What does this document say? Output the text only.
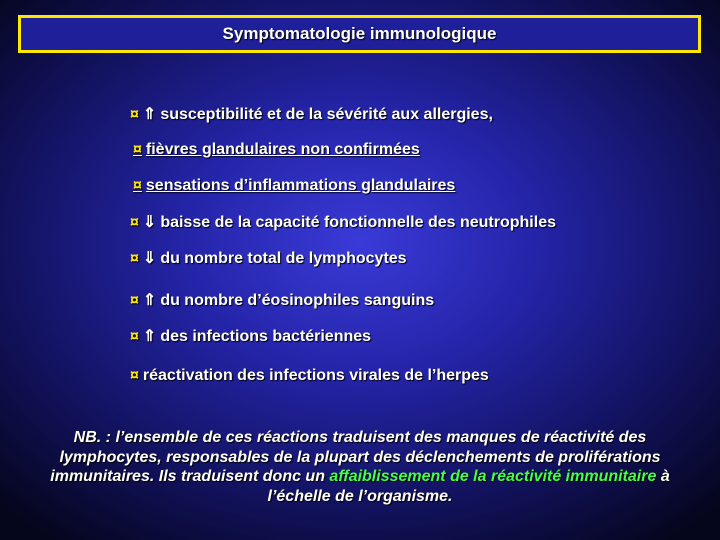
Symptomatologie immunologique
¤ ⇑ susceptibilité et de la sévérité aux allergies,
¤ fièvres glandulaires non confirmées
¤ sensations d’inflammations glandulaires
¤ ⇓ baisse de la capacité fonctionnelle des neutrophiles
¤ ⇓ du nombre total de lymphocytes
¤ ⇑ du nombre d’éosinophiles sanguins
¤ ⇑ des infections bactériennes
¤ réactivation des infections virales de l’herpes
NB. : l’ensemble de ces réactions traduisent des manques de réactivité des lymphocytes, responsables de la plupart des déclenchements de proliférations immunitaires. Ils traduisent donc un affaiblissement de la réactivité immunitaire à l’échelle de l’organisme.
